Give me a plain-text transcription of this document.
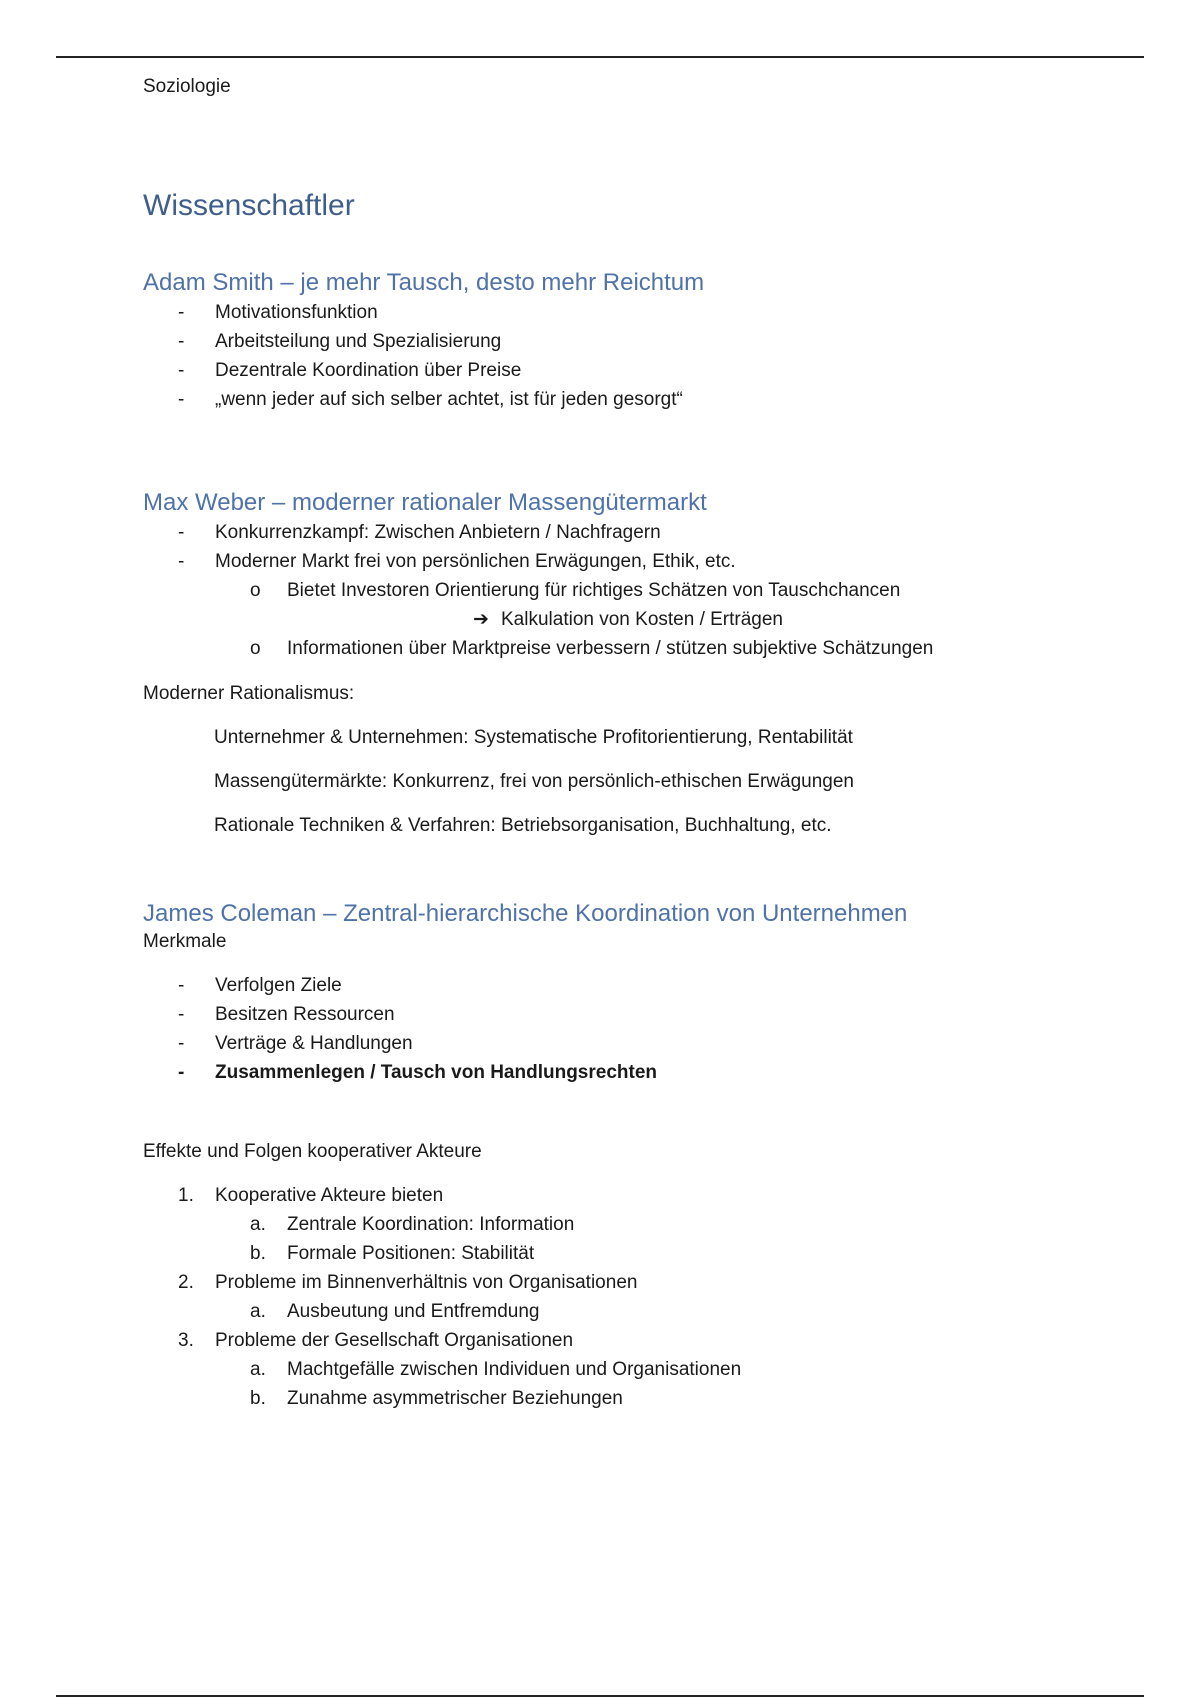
Soziologie

Wissenschaftler
Adam Smith – je mehr Tausch, desto mehr Reichtum

-	Motivationsfunktion

-	Arbeitsteilung und Spezialisierung

-	Dezentrale Koordination über Preise

-	„wenn jeder auf sich selber achtet, ist für jeden gesorgt“

Max Weber – moderner rationaler Massengütermarkt

-	Konkurrenzkampf: Zwischen Anbietern / Nachfragern

-	Moderner Markt frei von persönlichen Erwägungen, Ethik, etc.

o	Bietet Investoren Orientierung für richtiges Schätzen von Tauschchancen

➔ Kalkulation von Kosten / Erträgen

o	Informationen über Marktpreise verbessern / stützen subjektive Schätzungen

Moderner Rationalismus:

Unternehmer & Unternehmen: Systematische Profitorientierung, Rentabilität

Massengütermärkte: Konkurrenz, frei von persönlich-ethischen Erwägungen

Rationale Techniken & Verfahren: Betriebsorganisation, Buchhaltung, etc.

James Coleman – Zentral-hierarchische Koordination von Unternehmen

Merkmale

-	Verfolgen Ziele

-	Besitzen Ressourcen

-	Verträge & Handlungen

-	Zusammenlegen / Tausch von Handlungsrechten

Effekte und Folgen kooperativer Akteure

1.	Kooperative Akteure bieten

a.	Zentrale Koordination: Information

b.	Formale Positionen: Stabilität

2.	Probleme im Binnenverhältnis von Organisationen

a.	Ausbeutung und Entfremdung

3.	Probleme der Gesellschaft Organisationen

a.	Machtgefälle zwischen Individuen und Organisationen

b.	Zunahme asymmetrischer Beziehungen
